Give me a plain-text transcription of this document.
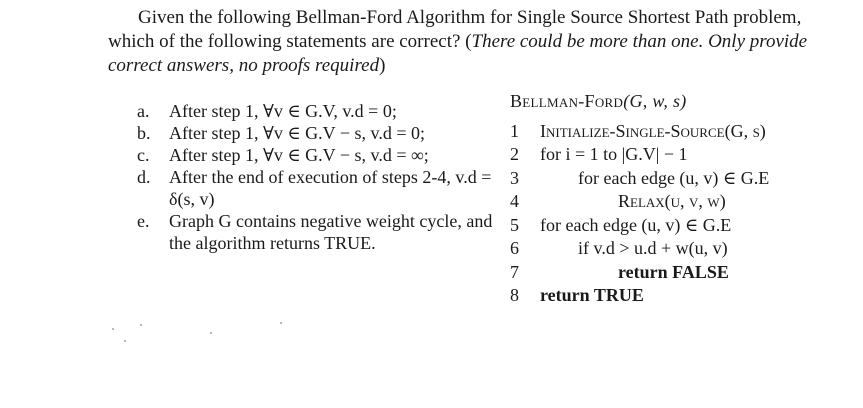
Given the following Bellman-Ford Algorithm for Single Source Shortest Path problem,
which of the following statements are correct? (There could be more than one. Only provide
correct answers, no proofs required)
a.	After step 1, ∀v ∈ G.V, v.d = 0;
b.	After step 1, ∀v ∈ G.V − s, v.d = 0;
c.	After step 1, ∀v ∈ G.V − s, v.d = ∞;
d.	After the end of execution of steps 2-4, v.d = δ(s, v)
e.	Graph G contains negative weight cycle, and the algorithm returns TRUE.
Bellman-Ford(G, w, s)
1	Initialize-Single-Source(G, s)
2	for i = 1 to |G.V| − 1
3	for each edge (u, v) ∈ G.E
4	Relax(u, v, w)
5	for each edge (u, v) ∈ G.E
6	if v.d > u.d + w(u, v)
7	return FALSE
8	return TRUE
